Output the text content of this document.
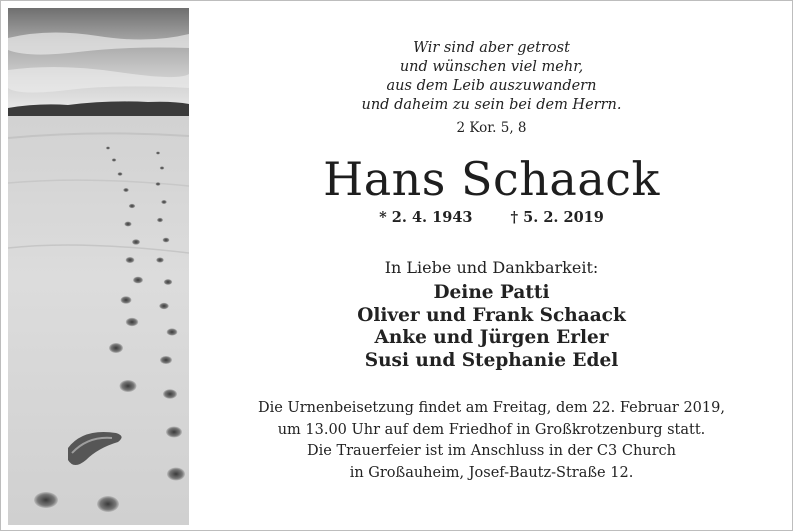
Wir sind aber getrost
und wünschen viel mehr,
aus dem Leib auszuwandern
und daheim zu sein bei dem Herrn.
2 Kor. 5, 8
Hans Schaack
* 2. 4. 1943	† 5. 2. 2019
In Liebe und Dankbarkeit:
Deine Patti
Oliver und Frank Schaack
Anke und Jürgen Erler
Susi und Stephanie Edel
Die Urnenbeisetzung findet am Freitag, dem 22. Februar 2019,
um 13.00 Uhr auf dem Friedhof in Großkrotzenburg statt.
Die Trauerfeier ist im Anschluss in der C3 Church
in Großauheim, Josef-Bautz-Straße 12.
